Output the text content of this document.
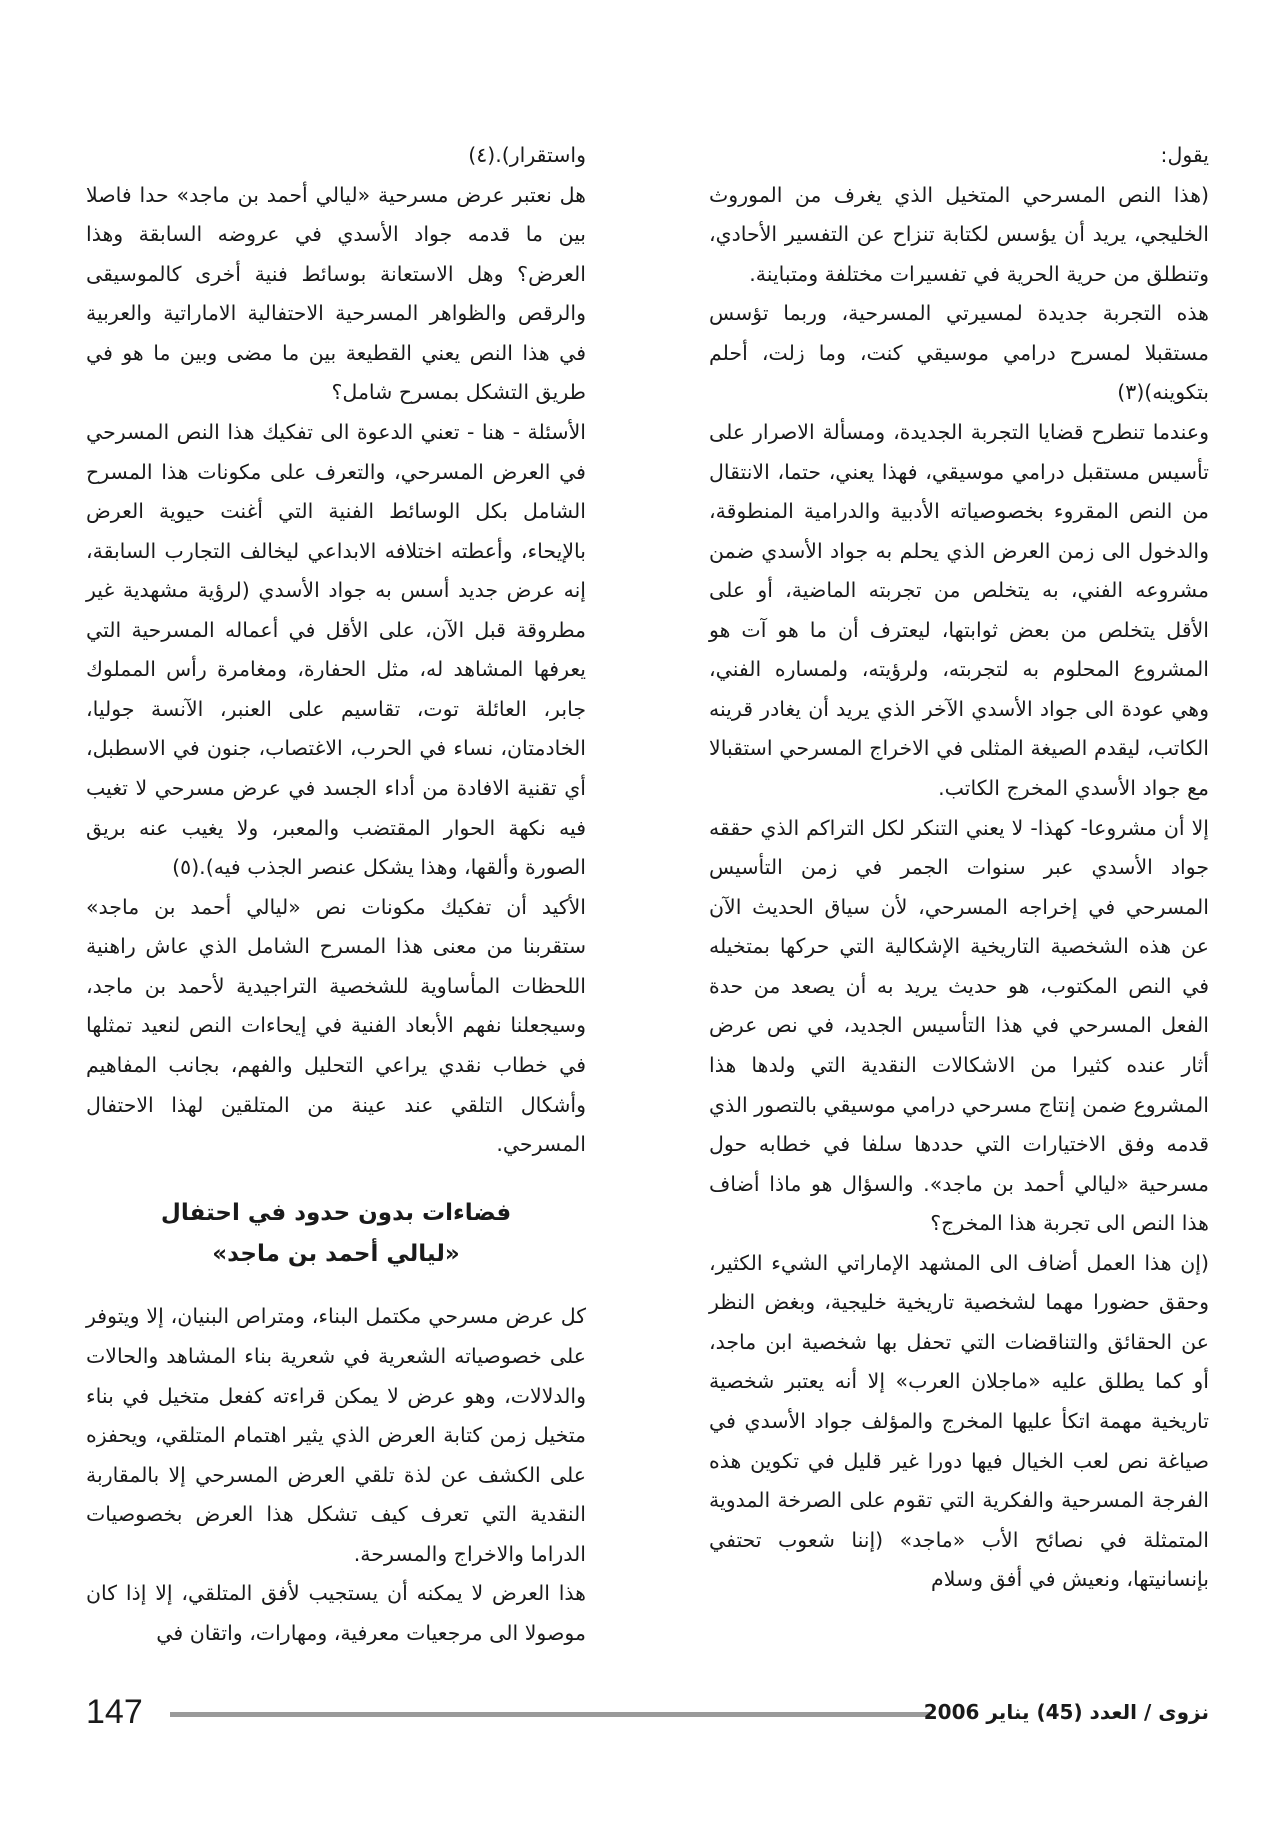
يقول:

(هذا النص المسرحي المتخيل الذي يغرف من الموروث الخليجي، يريد أن يؤسس لكتابة تنزاح عن التفسير الأحادي، وتنطلق من حرية الحرية في تفسيرات مختلفة ومتباينة.

هذه التجربة جديدة لمسيرتي المسرحية، وربما تؤسس مستقبلا لمسرح درامي موسيقي كنت، وما زلت، أحلم بتكوينه)(٣)

وعندما تنطرح قضايا التجربة الجديدة، ومسألة الاصرار على تأسيس مستقبل درامي موسيقي، فهذا يعني، حتما، الانتقال من النص المقروء بخصوصياته الأدبية والدرامية المنطوقة، والدخول الى زمن العرض الذي يحلم به جواد الأسدي ضمن مشروعه الفني، به يتخلص من تجربته الماضية، أو على الأقل يتخلص من بعض ثوابتها، ليعترف أن ما هو آت هو المشروع المحلوم به لتجربته، ولرؤيته، ولمساره الفني، وهي عودة الى جواد الأسدي الآخر الذي يريد أن يغادر قرينه الكاتب، ليقدم الصيغة المثلى في الاخراج المسرحي استقبالا مع جواد الأسدي المخرج الكاتب.

إلا أن مشروعا- كهذا- لا يعني التنكر لكل التراكم الذي حققه جواد الأسدي عبر سنوات الجمر في زمن التأسيس المسرحي في إخراجه المسرحي، لأن سياق الحديث الآن عن هذه الشخصية التاريخية الإشكالية التي حركها بمتخيله في النص المكتوب، هو حديث يريد به أن يصعد من حدة الفعل المسرحي في هذا التأسيس الجديد، في نص عرض أثار عنده كثيرا من الاشكالات النقدية التي ولدها هذا المشروع ضمن إنتاج مسرحي درامي موسيقي بالتصور الذي قدمه وفق الاختيارات التي حددها سلفا في خطابه حول مسرحية «ليالي أحمد بن ماجد». والسؤال هو ماذا أضاف هذا النص الى تجربة هذا المخرج؟

(إن هذا العمل أضاف الى المشهد الإماراتي الشيء الكثير، وحقق حضورا مهما لشخصية تاريخية خليجية، وبغض النظر عن الحقائق والتناقضات التي تحفل بها شخصية ابن ماجد، أو كما يطلق عليه «ماجلان العرب» إلا أنه يعتبر شخصية تاريخية مهمة اتكأ عليها المخرج والمؤلف جواد الأسدي في صياغة نص لعب الخيال فيها دورا غير قليل في تكوين هذه الفرجة المسرحية والفكرية التي تقوم على الصرخة المدوية المتمثلة في نصائح الأب «ماجد» (إننا شعوب تحتفي بإنسانيتها، ونعيش في أفق وسلام

واستقرار).(٤)

هل نعتبر عرض مسرحية «ليالي أحمد بن ماجد» حدا فاصلا بين ما قدمه جواد الأسدي في عروضه السابقة وهذا العرض؟ وهل الاستعانة بوسائط فنية أخرى كالموسيقى والرقص والظواهر المسرحية الاحتفالية الاماراتية والعربية في هذا النص يعني القطيعة بين ما مضى وبين ما هو في طريق التشكل بمسرح شامل؟

الأسئلة - هنا - تعني الدعوة الى تفكيك هذا النص المسرحي في العرض المسرحي، والتعرف على مكونات هذا المسرح الشامل بكل الوسائط الفنية التي أغنت حيوية العرض بالإيحاء، وأعطته اختلافه الابداعي ليخالف التجارب السابقة، إنه عرض جديد أسس به جواد الأسدي (لرؤية مشهدية غير مطروقة قبل الآن، على الأقل في أعماله المسرحية التي يعرفها المشاهد له، مثل الحفارة، ومغامرة رأس المملوك جابر، العائلة توت، تقاسيم على العنبر، الآنسة جوليا، الخادمتان، نساء في الحرب، الاغتصاب، جنون في الاسطبل، أي تقنية الافادة من أداء الجسد في عرض مسرحي لا تغيب فيه نكهة الحوار المقتضب والمعبر، ولا يغيب عنه بريق الصورة وألقها، وهذا يشكل عنصر الجذب فيه).(٥)

الأكيد أن تفكيك مكونات نص «ليالي أحمد بن ماجد» ستقربنا من معنى هذا المسرح الشامل الذي عاش راهنية اللحظات المأساوية للشخصية التراجيدية لأحمد بن ماجد، وسيجعلنا نفهم الأبعاد الفنية في إيحاءات النص لنعيد تمثلها في خطاب نقدي يراعي التحليل والفهم، بجانب المفاهيم وأشكال التلقي عند عينة من المتلقين لهذا الاحتفال المسرحي.

فضاءات بدون حدود في احتفال
«ليالي أحمد بن ماجد»

كل عرض مسرحي مكتمل البناء، ومتراص البنيان، إلا ويتوفر على خصوصياته الشعرية في شعرية بناء المشاهد والحالات والدلالات، وهو عرض لا يمكن قراءته كفعل متخيل في بناء متخيل زمن كتابة العرض الذي يثير اهتمام المتلقي، ويحفزه على الكشف عن لذة تلقي العرض المسرحي إلا بالمقاربة النقدية التي تعرف كيف تشكل هذا العرض بخصوصيات الدراما والاخراج والمسرحة.

هذا العرض لا يمكنه أن يستجيب لأفق المتلقي، إلا إذا كان موصولا الى مرجعيات معرفية، ومهارات، واتقان في

147	نزوى / العدد (45) يناير 2006
